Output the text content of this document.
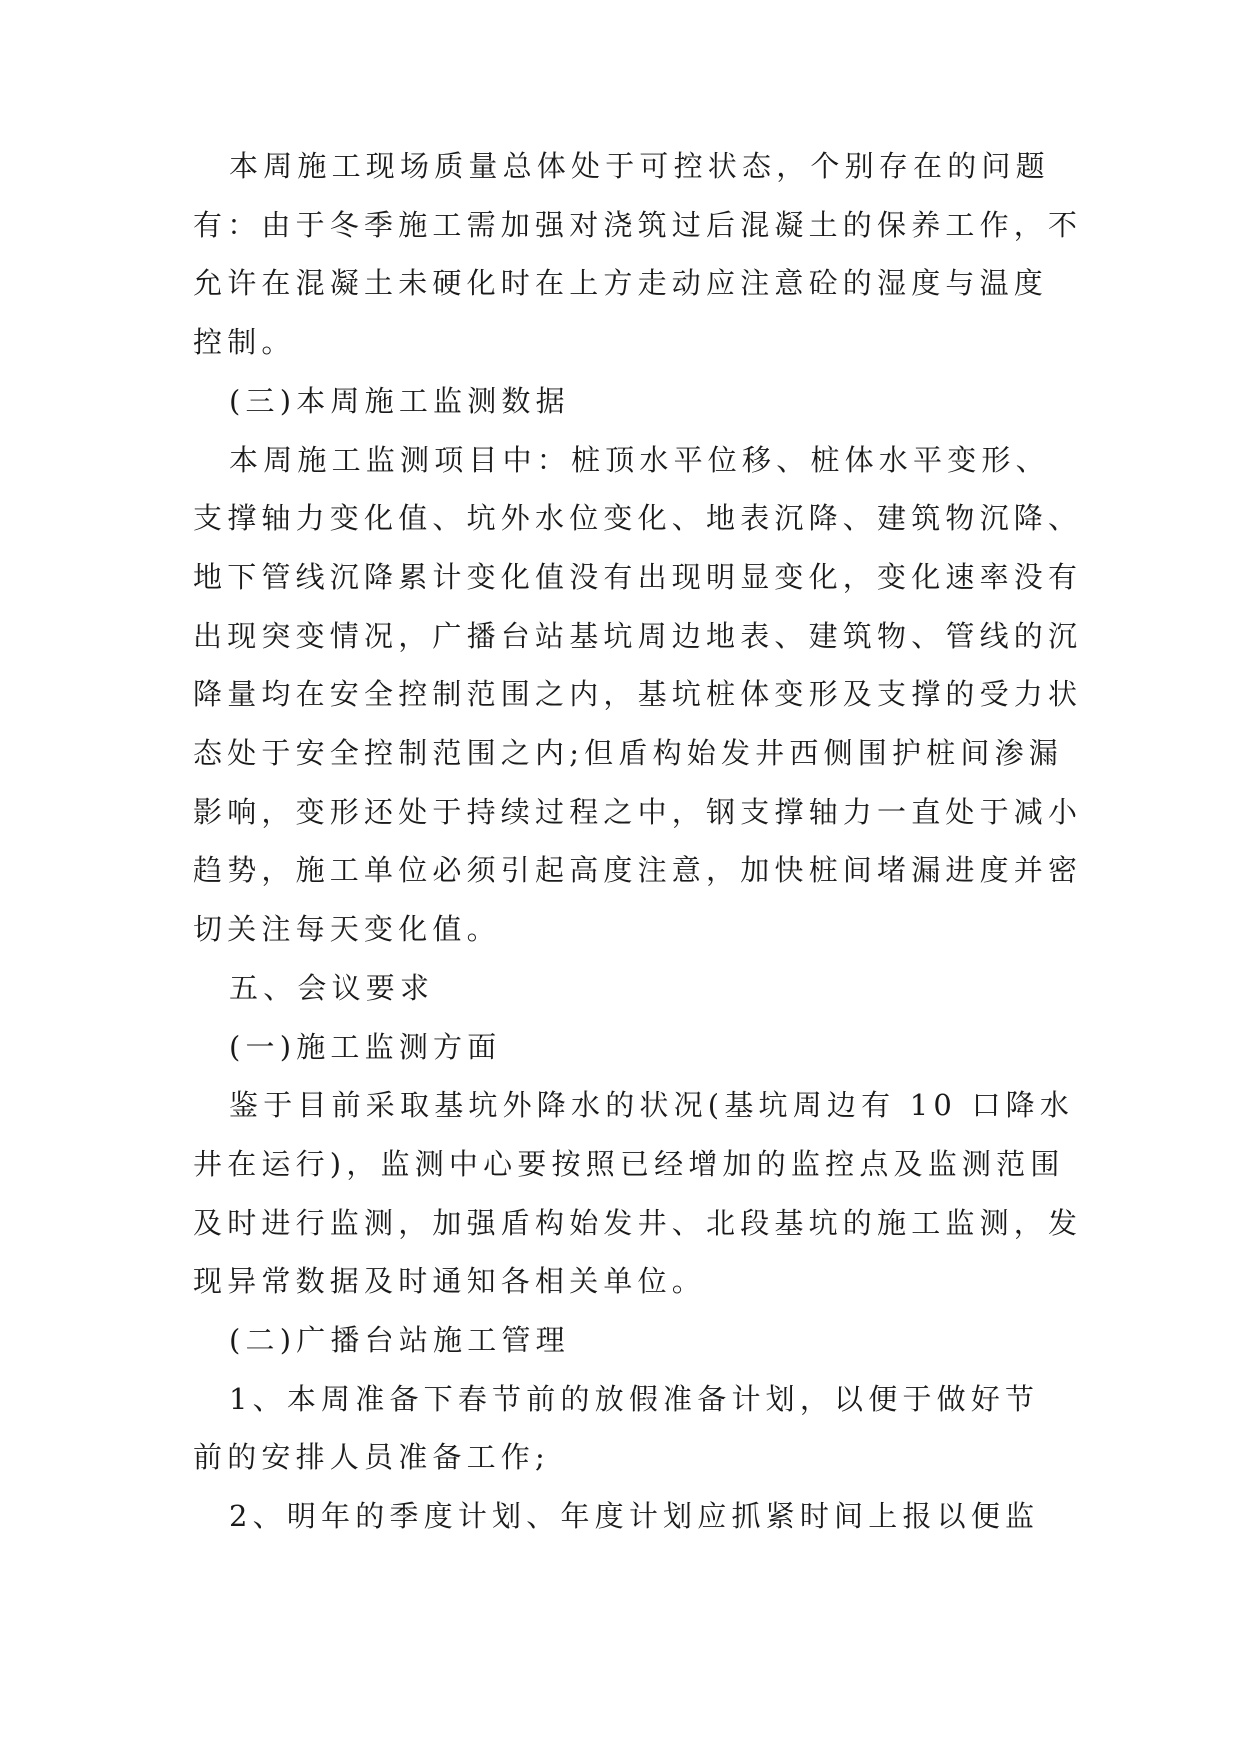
本周施工现场质量总体处于可控状态，个别存在的问题
有：由于冬季施工需加强对浇筑过后混凝土的保养工作，不
允许在混凝土未硬化时在上方走动应注意砼的湿度与温度
控制。
(三)本周施工监测数据
本周施工监测项目中：桩顶水平位移、桩体水平变形、
支撑轴力变化值、坑外水位变化、地表沉降、建筑物沉降、
地下管线沉降累计变化值没有出现明显变化，变化速率没有
出现突变情况，广播台站基坑周边地表、建筑物、管线的沉
降量均在安全控制范围之内，基坑桩体变形及支撑的受力状
态处于安全控制范围之内;但盾构始发井西侧围护桩间渗漏
影响，变形还处于持续过程之中，钢支撑轴力一直处于减小
趋势，施工单位必须引起高度注意，加快桩间堵漏进度并密
切关注每天变化值。
五、会议要求
(一)施工监测方面
鉴于目前采取基坑外降水的状况(基坑周边有 10 口降水
井在运行)，监测中心要按照已经增加的监控点及监测范围
及时进行监测，加强盾构始发井、北段基坑的施工监测，发
现异常数据及时通知各相关单位。
(二)广播台站施工管理
1、本周准备下春节前的放假准备计划，以便于做好节
前的安排人员准备工作;
2、明年的季度计划、年度计划应抓紧时间上报以便监
